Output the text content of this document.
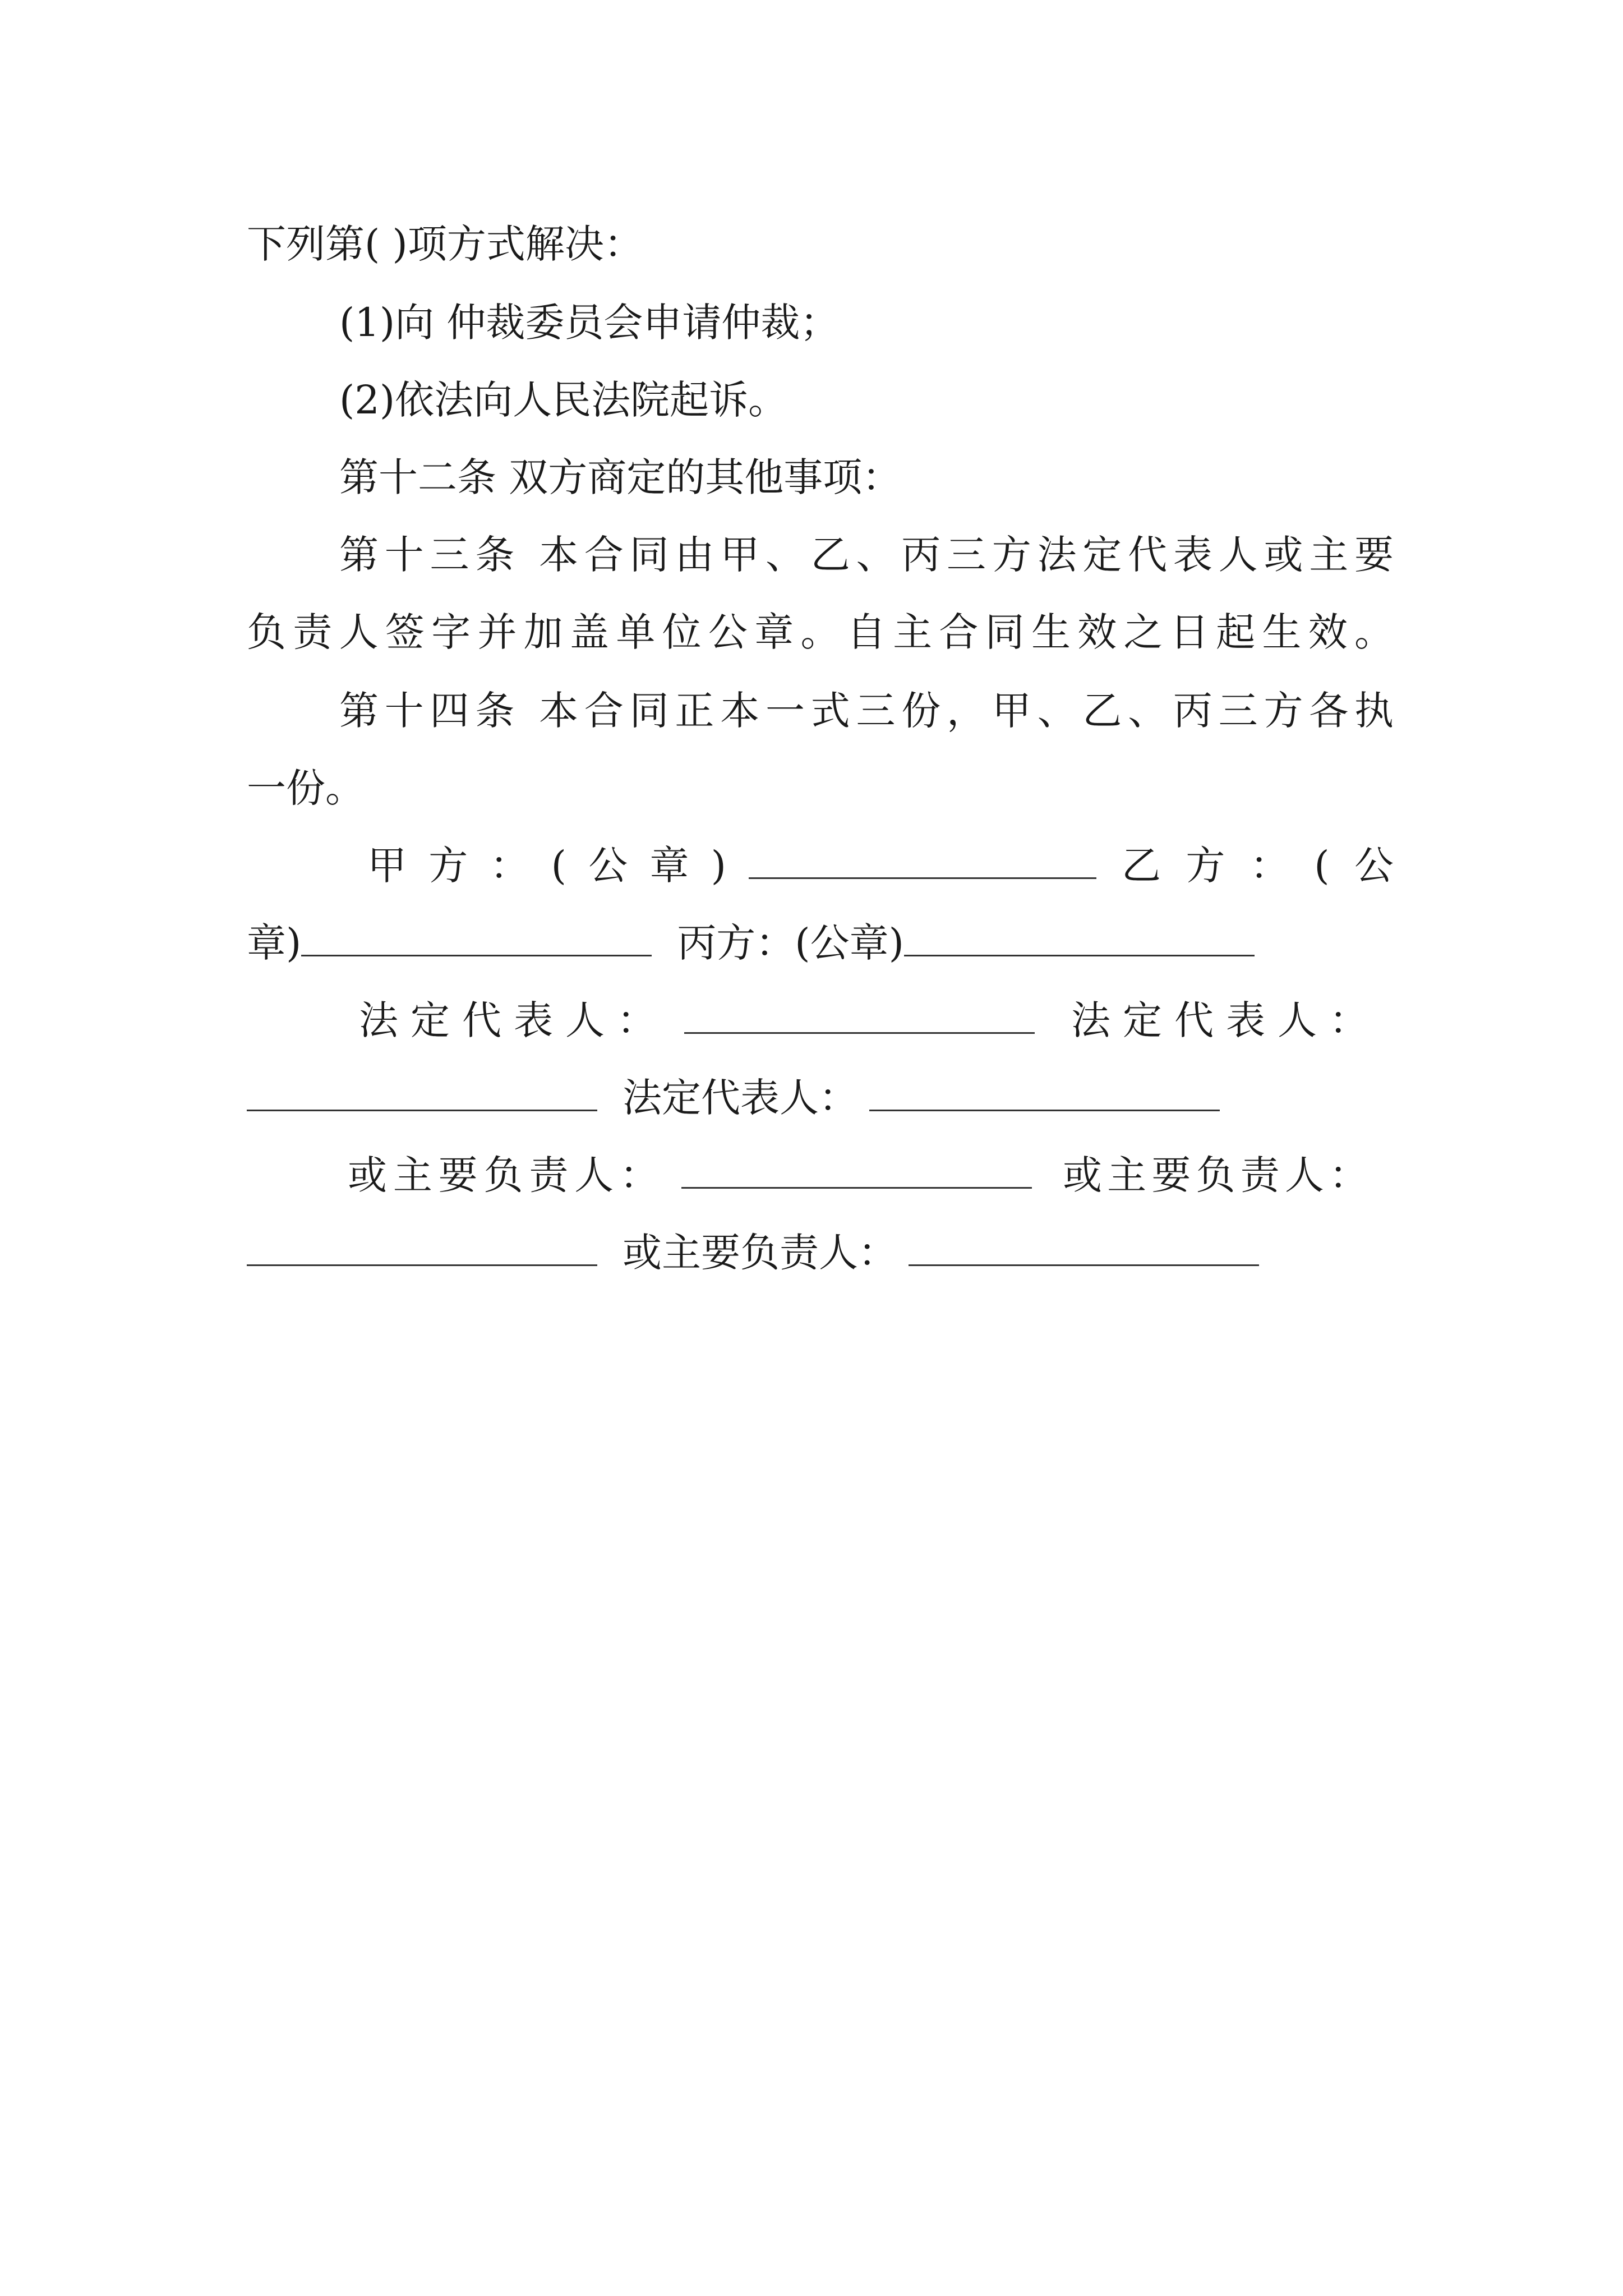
下列第( )项方式解决：

(1)向 仲裁委员会申请仲裁；

(2)依法向人民法院起诉。

第十二条 双方商定的其他事项：

第十三条 本合同由甲、乙、丙三方法定代表人或主要

负责人签字并加盖单位公章。自主合同生效之日起生效。

第十四条 本合同正本一式三份，甲、乙、丙三方各执

一份。

甲方：(公章)	乙方：(公
章)	丙方：(公章)
法定代表人：	法定代表人：
法定代表人：
或主要负责人：	或主要负责人：
或主要负责人：
